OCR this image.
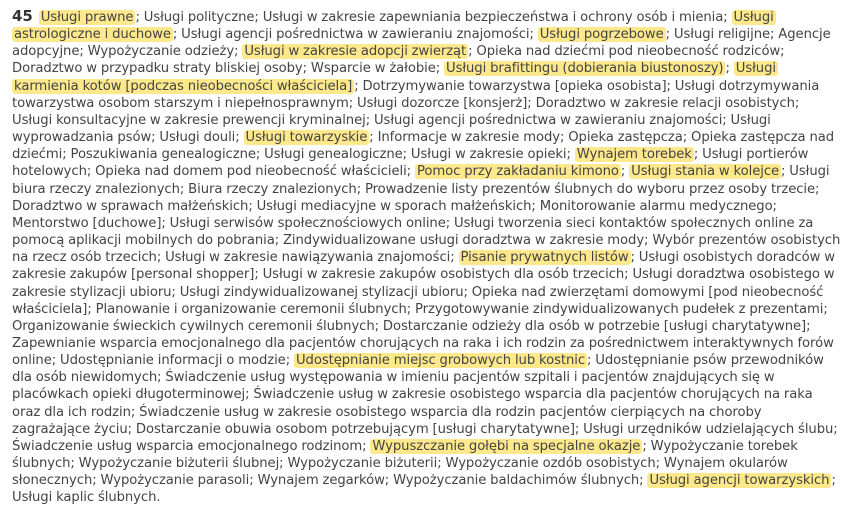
45 Usługi prawne ; Usługi polityczne; Usługi w zakresie zapewniania bezpieczeństwa i ochrony osób i mienia; Usługi astrologiczne i duchowe ; Usługi agencji pośrednictwa w zawieraniu znajomości; Usługi pogrzebowe ; Usługi religijne; Agencje adopcyjne; Wypożyczanie odzieży; Usługi w zakresie adopcji zwierząt ; Opieka nad dziećmi pod nieobecność rodziców; Doradztwo w przypadku straty bliskiej osoby; Wsparcie w żałobie; Usługi brafittingu (dobierania biustonoszy) ; Usługi karmienia kotów [podczas nieobecności właściciela] ; Dotrzymywanie towarzystwa [opieka osobista]; Usługi dotrzymywania towarzystwa osobom starszym i niepełnosprawnym; Usługi dozorcze [konsjerż]; Doradztwo w zakresie relacji osobistych; Usługi konsultacyjne w zakresie prewencji kryminalnej; Usługi agencji pośrednictwa w zawieraniu znajomości; Usługi wyprowadzania psów; Usługi douli; Usługi towarzyskie ; Informacje w zakresie mody; Opieka zastępcza; Opieka zastępcza nad dziećmi; Poszukiwania genealogiczne; Usługi genealogiczne; Usługi w zakresie opieki; Wynajem torebek ; Usługi portierów hotelowych; Opieka nad domem pod nieobecność właścicieli; Pomoc przy zakładaniu kimono ; Usługi stania w kolejce ; Usługi biura rzeczy znalezionych; Biura rzeczy znalezionych; Prowadzenie listy prezentów ślubnych do wyboru przez osoby trzecie; Doradztwo w sprawach małżeńskich; Usługi mediacyjne w sporach małżeńskich; Monitorowanie alarmu medycznego; Mentorstwo [duchowe]; Usługi serwisów społecznościowych online; Usługi tworzenia sieci kontaktów społecznych online za pomocą aplikacji mobilnych do pobrania; Zindywidualizowane usługi doradztwa w zakresie mody; Wybór prezentów osobistych na rzecz osób trzecich; Usługi w zakresie nawiązywania znajomości; Pisanie prywatnych listów ; Usługi osobistych doradców w zakresie zakupów [personal shopper]; Usługi w zakresie zakupów osobistych dla osób trzecich; Usługi doradztwa osobistego w zakresie stylizacji ubioru; Usługi zindywidualizowanej stylizacji ubioru; Opieka nad zwierzętami domowymi [pod nieobecność właściciela]; Planowanie i organizowanie ceremonii ślubnych; Przygotowywanie zindywidualizowanych pudełek z prezentami; Organizowanie świeckich cywilnych ceremonii ślubnych; Dostarczanie odzieży dla osób w potrzebie [usługi charytatywne]; Zapewnianie wsparcia emocjonalnego dla pacjentów chorujących na raka i ich rodzin za pośrednictwem interaktywnych forów online; Udostępnianie informacji o modzie; Udostępnianie miejsc grobowych lub kostnic ; Udostępnianie psów przewodników dla osób niewidomych; Świadczenie usług występowania w imieniu pacjentów szpitali i pacjentów znajdujących się w placówkach opieki długoterminowej; Świadczenie usług w zakresie osobistego wsparcia dla pacjentów chorujących na raka oraz dla ich rodzin; Świadczenie usług w zakresie osobistego wsparcia dla rodzin pacjentów cierpiących na choroby zagrażające życiu; Dostarczanie obuwia osobom potrzebującym [usługi charytatywne]; Usługi urzędników udzielających ślubu; Świadczenie usług wsparcia emocjonalnego rodzinom; Wypuszczanie gołębi na specjalne okazje ; Wypożyczanie torebek ślubnych; Wypożyczanie biżuterii ślubnej; Wypożyczanie biżuterii; Wypożyczanie ozdób osobistych; Wynajem okularów słonecznych; Wypożyczanie parasoli; Wynajem zegarków; Wypożyczanie baldachimów ślubnych; Usługi agencji towarzyskich ; Usługi kaplic ślubnych.
